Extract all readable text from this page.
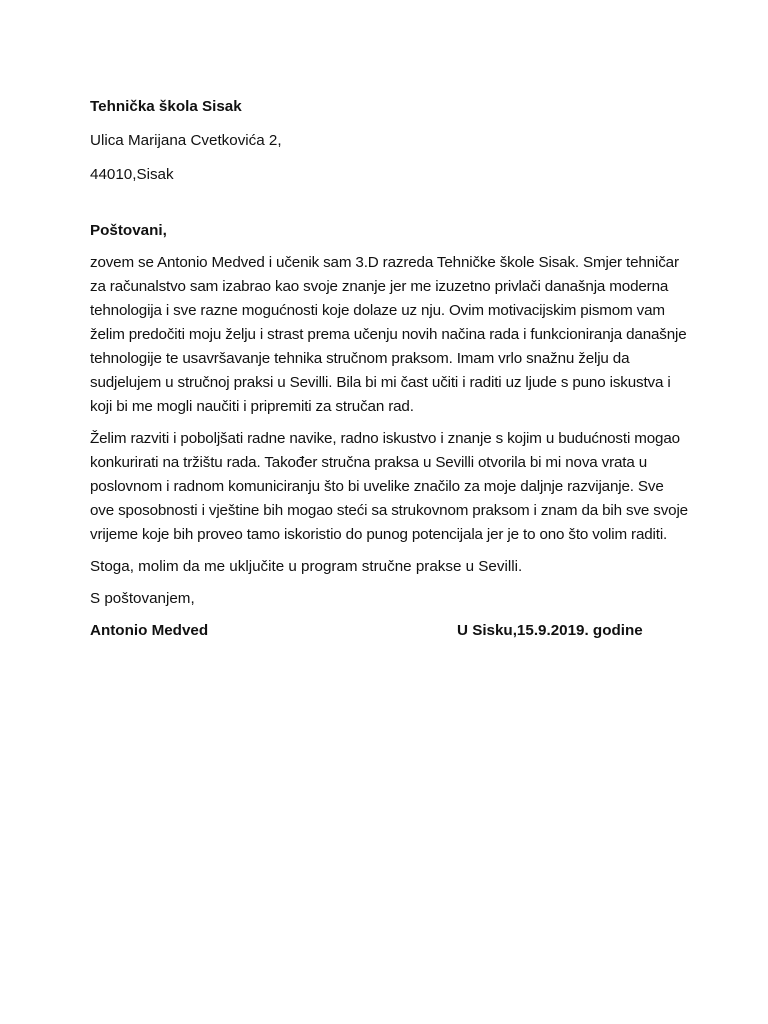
Tehnička škola Sisak
Ulica Marijana Cvetkovića 2,
44010,Sisak
Poštovani,
zovem se Antonio Medved i učenik sam 3.D razreda Tehničke škole Sisak. Smjer tehničar za računalstvo sam izabrao kao svoje znanje jer me izuzetno privlači današnja moderna tehnologija i sve razne mogućnosti koje dolaze uz nju. Ovim motivacijskim pismom vam želim predočiti moju želju i strast prema učenju novih načina rada i funkcioniranja današnje tehnologije te usavršavanje tehnika stručnom praksom. Imam vrlo snažnu želju da sudjelujem u stručnoj praksi u Sevilli. Bila bi mi čast učiti i raditi uz ljude s puno iskustva i koji bi me mogli naučiti i pripremiti za stručan rad.
Želim razviti i poboljšati radne navike, radno iskustvo i znanje s kojim u budućnosti mogao konkurirati na tržištu rada. Također stručna praksa u Sevilli otvorila bi mi nova vrata u poslovnom i radnom komuniciranju što bi uvelike značilo za moje daljnje razvijanje. Sve ove sposobnosti i vještine bih mogao steći sa strukovnom praksom i znam da bih sve svoje vrijeme koje bih proveo tamo iskoristio do punog potencijala jer je to ono što volim raditi.
Stoga, molim da me uključite u program stručne prakse u Sevilli.
S poštovanjem,
Antonio Medved	U Sisku,15.9.2019. godine
